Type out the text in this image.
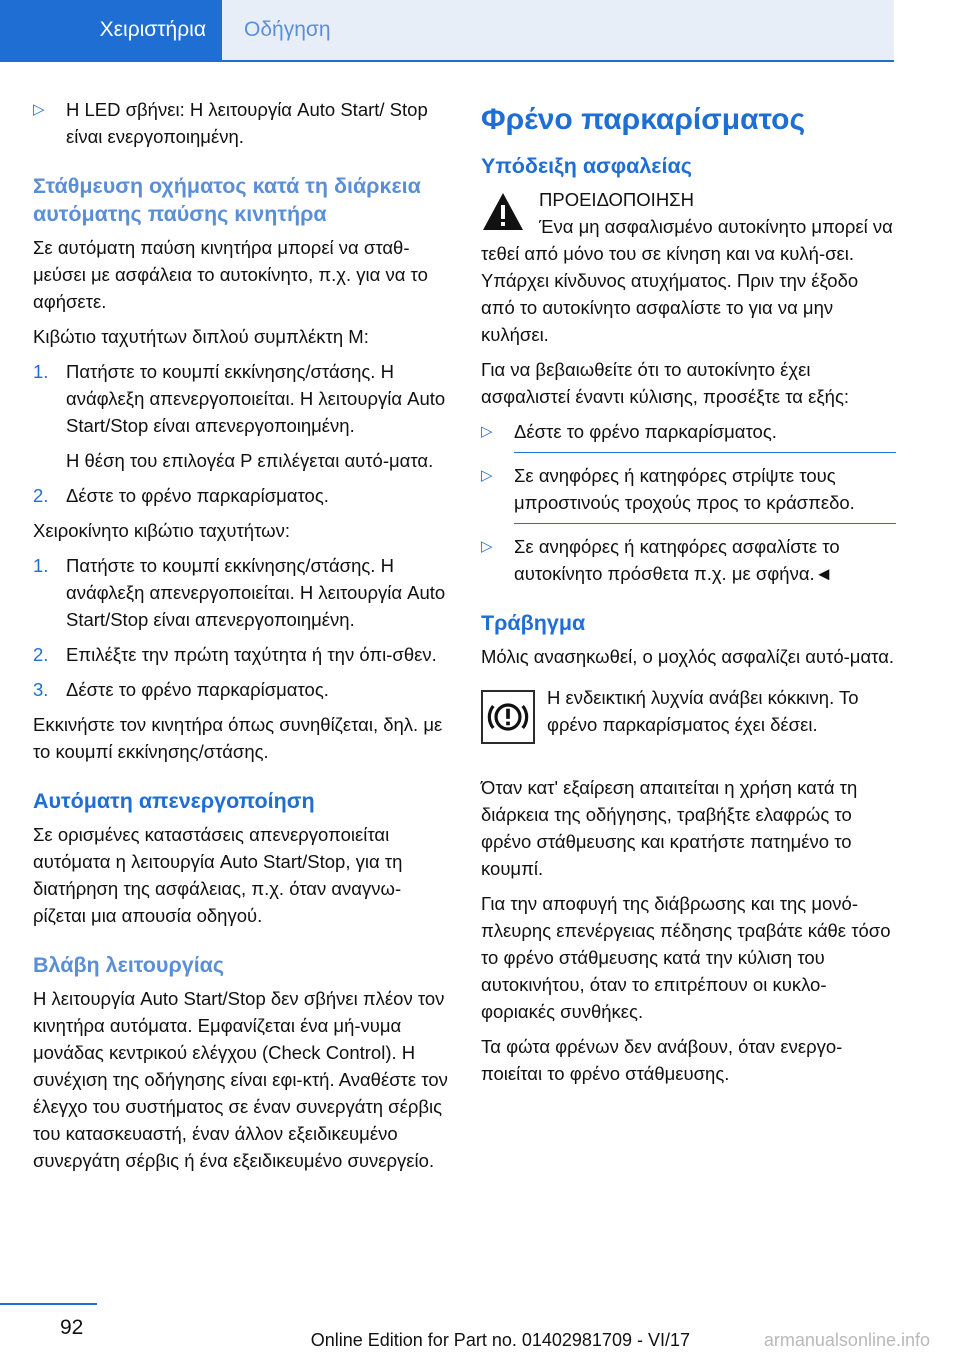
Χειριστήρια	Οδήγηση
▷ Η LED σβήνει: Η λειτουργία Auto Start/ Stop είναι ενεργοποιημένη.
Στάθμευση οχήματος κατά τη διάρκεια αυτόματης παύσης κινητήρα

Σε αυτόματη παύση κινητήρα μπορεί να σταθ-μεύσει με ασφάλεια το αυτοκίνητο, π.χ. για να το αφήσετε.

Κιβώτιο ταχυτήτων διπλού συμπλέκτη M:

1. Πατήστε το κουμπί εκκίνησης/στάσης. Η ανάφλεξη απενεργοποιείται. Η λειτουργία Auto Start/Stop είναι απενεργοποιημένη.
Η θέση του επιλογέα P επιλέγεται αυτό-ματα.
2. Δέστε το φρένο παρκαρίσματος.

Χειροκίνητο κιβώτιο ταχυτήτων:

1. Πατήστε το κουμπί εκκίνησης/στάσης. Η ανάφλεξη απενεργοποιείται. Η λειτουργία Auto Start/Stop είναι απενεργοποιημένη.
2. Επιλέξτε την πρώτη ταχύτητα ή την όπι-σθεν.
3. Δέστε το φρένο παρκαρίσματος.

Εκκινήστε τον κινητήρα όπως συνηθίζεται, δηλ. με το κουμπί εκκίνησης/στάσης.

Αυτόματη απενεργοποίηση

Σε ορισμένες καταστάσεις απενεργοποιείται αυτόματα η λειτουργία Auto Start/Stop, για τη διατήρηση της ασφάλειας, π.χ. όταν αναγνω-ρίζεται μια απουσία οδηγού.

Βλάβη λειτουργίας

Η λειτουργία Auto Start/Stop δεν σβήνει πλέον τον κινητήρα αυτόματα. Εμφανίζεται ένα μή-νυμα μονάδας κεντρικού ελέγχου (Check Control). Η συνέχιση της οδήγησης είναι εφι-κτή. Αναθέστε τον έλεγχο του συστήματος σε έναν συνεργάτη σέρβις του κατασκευαστή, έναν άλλον εξειδικευμένο συνεργάτη σέρβις ή ένα εξειδικευμένο συνεργείο.

Φρένο παρκαρίσματος
Υπόδειξη ασφαλείας
ΠΡΟΕΙΔΟΠΟΙΗΣΗ
Ένα μη ασφαλισμένο αυτοκίνητο μπορεί να τεθεί από μόνο του σε κίνηση και να κυλή-σει. Υπάρχει κίνδυνος ατυχήματος. Πριν την έξοδο από το αυτοκίνητο ασφαλίστε το για να μην κυλήσει.

Για να βεβαιωθείτε ότι το αυτοκίνητο έχει ασφαλιστεί έναντι κύλισης, προσέξτε τα εξής:

▷ Δέστε το φρένο παρκαρίσματος.
▷ Σε ανηφόρες ή κατηφόρες στρίψτε τους μπροστινούς τροχούς προς το κράσπεδο.
▷ Σε ανηφόρες ή κατηφόρες ασφαλίστε το αυτοκίνητο πρόσθετα π.χ. με σφήνα.◄
Τράβηγμα

Μόλις ανασηκωθεί, ο μοχλός ασφαλίζει αυτό-ματα.

Η ενδεικτική λυχνία ανάβει κόκκινη. Το φρένο παρκαρίσματος έχει δέσει.

Όταν κατ' εξαίρεση απαιτείται η χρήση κατά τη διάρκεια της οδήγησης, τραβήξτε ελαφρώς το φρένο στάθμευσης και κρατήστε πατημένο το κουμπί.

Για την αποφυγή της διάβρωσης και της μονό-πλευρης επενέργειας πέδησης τραβάτε κάθε τόσο το φρένο στάθμευσης κατά την κύλιση του αυτοκινήτου, όταν το επιτρέπουν οι κυκλο-φοριακές συνθήκες.

Τα φώτα φρένων δεν ανάβουν, όταν ενεργο-ποιείται το φρένο στάθμευσης.

92
Online Edition for Part no. 01402981709 - VI/17	armanualsonline.info
